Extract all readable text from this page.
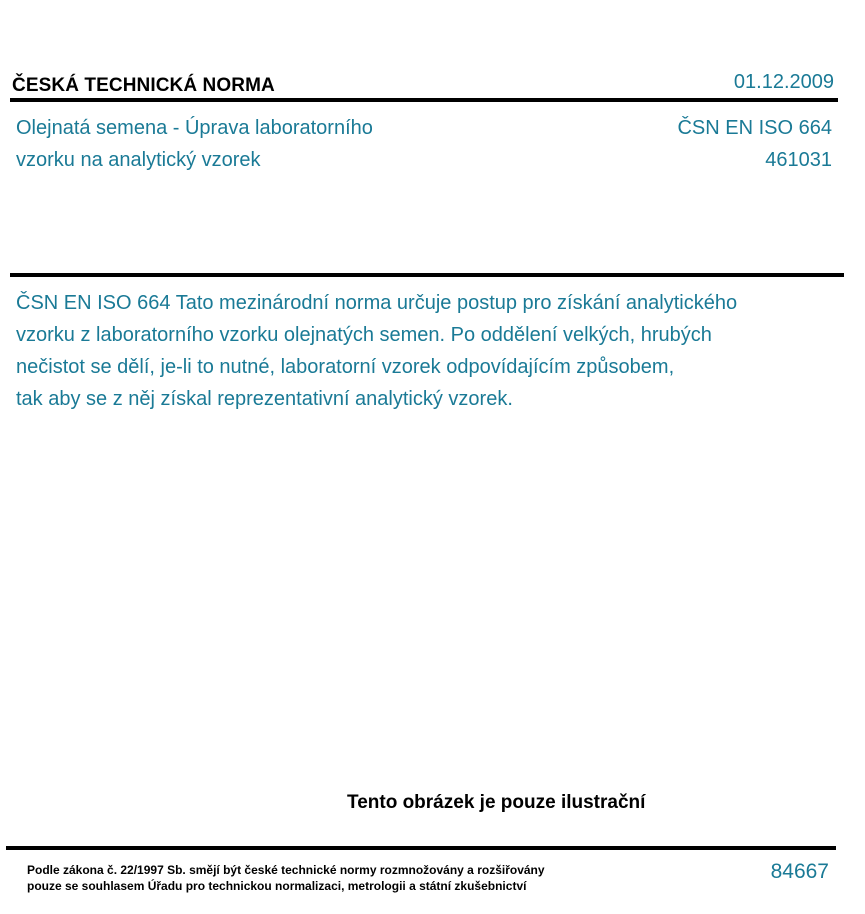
ČESKÁ TECHNICKÁ NORMA	01.12.2009
Olejnatá semena - Úprava laboratorního
vzorku na analytický vzorek
ČSN EN ISO 664
461031
ČSN EN ISO 664 Tato mezinárodní norma určuje postup pro získání analytického
vzorku z laboratorního vzorku olejnatých semen. Po oddělení velkých, hrubých
nečistot se dělí, je-li to nutné, laboratorní vzorek odpovídajícím způsobem,
tak aby se z něj získal reprezentativní analytický vzorek.
Tento obrázek je pouze ilustrační
Podle zákona č. 22/1997 Sb. smějí být české technické normy rozmnožovány a rozšiřovány
pouze se souhlasem Úřadu pro technickou normalizaci, metrologii a státní zkušebnictví
84667
